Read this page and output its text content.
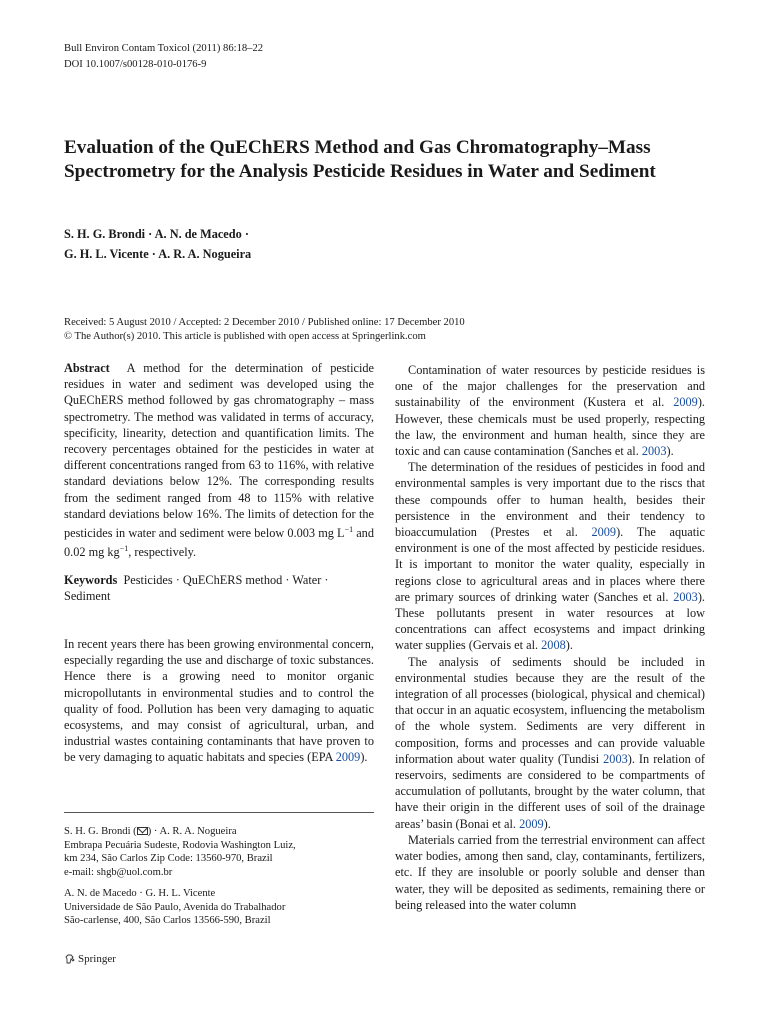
Bull Environ Contam Toxicol (2011) 86:18–22
DOI 10.1007/s00128-010-0176-9
Evaluation of the QuEChERS Method and Gas Chromatography–Mass Spectrometry for the Analysis Pesticide Residues in Water and Sediment
S. H. G. Brondi · A. N. de Macedo ·
G. H. L. Vicente · A. R. A. Nogueira
Received: 5 August 2010 / Accepted: 2 December 2010 / Published online: 17 December 2010
© The Author(s) 2010. This article is published with open access at Springerlink.com

Abstract A method for the determination of pesticide residues in water and sediment was developed using the QuEChERS method followed by gas chromatography – mass spectrometry. The method was validated in terms of accuracy, specificity, linearity, detection and quantification limits. The recovery percentages obtained for the pesticides in water at different concentrations ranged from 63 to 116%, with relative standard deviations below 12%. The corresponding results from the sediment ranged from 48 to 115% with relative standard deviations below 16%. The limits of detection for the pesticides in water and sediment were below 0.003 mg $L^{-1}$ and 0.02 mg $kg^{-1}$, respectively.

Keywords Pesticides · QuEChERS method · Water · Sediment

In recent years there has been growing environmental concern, especially regarding the use and discharge of toxic substances. Hence there is a growing need to monitor organic micropollutants in environmental studies and to control the quality of food. Pollution has been very damaging to aquatic ecosystems, and may consist of agricultural, urban, and industrial wastes containing contaminants that have proven to be very damaging to aquatic habitats and species (EPA 2009).

S. H. G. Brondi ( ) · A. R. A. Nogueira
Embrapa Pecuária Sudeste, Rodovia Washington Luiz,
km 234, São Carlos Zip Code: 13560-970, Brazil
e-mail: shgb@uol.com.br
A. N. de Macedo · G. H. L. Vicente
Universidade de São Paulo, Avenida do Trabalhador
São-carlense, 400, São Carlos 13566-590, Brazil
Springer

Contamination of water resources by pesticide residues is one of the major challenges for the preservation and sustainability of the environment (Kustera et al. 2009). However, these chemicals must be used properly, respecting the law, the environment and human health, since they are toxic and can cause contamination (Sanches et al. 2003).

The determination of the residues of pesticides in food and environmental samples is very important due to the riscs that these compounds offer to human health, besides their persistence in the environment and their tendency to bioaccumulation (Prestes et al. 2009). The aquatic environment is one of the most affected by pesticide residues. It is important to monitor the water quality, especially in regions close to agricultural areas and in places where there are primary sources of drinking water (Sanches et al. 2003). These pollutants present in water resources at low concentrations can affect ecosystems and impact drinking water supplies (Gervais et al. 2008).

The analysis of sediments should be included in environmental studies because they are the result of the integration of all processes (biological, physical and chemical) that occur in an aquatic ecosystem, influencing the metabolism of the whole system. Sediments are very different in composition, forms and processes and can provide valuable information about water quality (Tundisi 2003). In relation of reservoirs, sediments are considered to be compartments of accumulation of pollutants, brought by the water column, that have their origin in the different uses of soil of the drainage areas’ basin (Bonai et al. 2009).

Materials carried from the terrestrial environment can affect water bodies, among then sand, clay, contaminants, fertilizers, etc. If they are insoluble or poorly soluble and denser than water, they will be deposited as sediments, remaining there or being released into the water column
